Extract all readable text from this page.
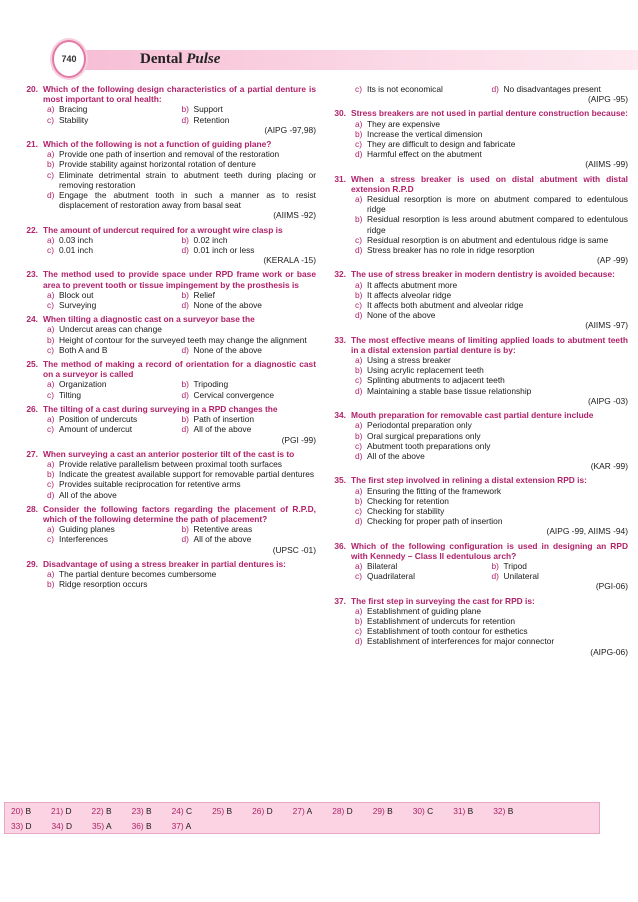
740	Dental Pulse
20. Which of the following design characteristics of a partial denture is most important to oral health:
a) Bracing	b) Support
c) Stability	d) Retention
(AIPG -97,98)
21. Which of the following is not a function of guiding plane?
a) Provide one path of insertion and removal of the restoration
b) Provide stability against horizontal rotation of denture
c) Eliminate detrimental strain to abutment teeth during placing or removing restoration
d) Engage the abutment tooth in such a manner as to resist displacement of restoration away from basal seat
(AIIMS -92)
22. The amount of undercut required for a wrought wire clasp is
a) 0.03 inch	b) 0.02 inch
c) 0.01 inch	d) 0.01 inch or less
(KERALA -15)
23. The method used to provide space under RPD frame work or base area to prevent tooth or tissue impingement by the prosthesis is
a) Block out	b) Relief
c) Surveying	d) None of the above
24. When tilting a diagnostic cast on a surveyor base the
a) Undercut areas can change
b) Height of contour for the surveyed teeth may change the alignment
c) Both A and B	d) None of the above
25. The method of making a record of orientation for a diagnostic cast on a surveyor is called
a) Organization	b) Tripoding
c) Tilting	d) Cervical convergence
26. The tilting of a cast during surveying in a RPD changes the
a) Position of undercuts	b) Path of insertion
c) Amount of undercut	d) All of the above
(PGI -99)
27. When surveying a cast an anterior posterior tilt of the cast is to
a) Provide relative parallelism between proximal tooth surfaces
b) Indicate the greatest available support for removable partial dentures
c) Provides suitable reciprocation for retentive arms
d) All of the above
28. Consider the following factors regarding the placement of R.P.D, which of the following determine the path of placement?
a) Guiding planes	b) Retentive areas
c) Interferences	d) All of the above
(UPSC -01)
29. Disadvantage of using a stress breaker in partial dentures is:
a) The partial denture becomes cumbersome
b) Ridge resorption occurs
c) Its is not economical	d) No disadvantages present
(AIPG -95)
30. Stress breakers are not used in partial denture construction because:
a) They are expensive
b) Increase the vertical dimension
c) They are difficult to design and fabricate
d) Harmful effect on the abutment
(AIIMS -99)
31. When a stress breaker is used on distal abutment with distal extension R.P.D
a) Residual resorption is more on abutment compared to edentulous ridge
b) Residual resorption is less around abutment compared to edentulous ridge
c) Residual resorption is on abutment and edentulous ridge is same
d) Stress breaker has no role in ridge resorption
(AP -99)
32. The use of stress breaker in modern dentistry is avoided because:
a) It affects abutment more
b) It affects alveolar ridge
c) It affects both abutment and alveolar ridge
d) None of the above
(AIIMS -97)
33. The most effective means of limiting applied loads to abutment teeth in a distal extension partial denture is by:
a) Using a stress breaker
b) Using acrylic replacement teeth
c) Splinting abutments to adjacent teeth
d) Maintaining a stable base tissue relationship
(AIPG -03)
34. Mouth preparation for removable cast partial denture include
a) Periodontal preparation only
b) Oral surgical preparations only
c) Abutment tooth preparations only
d) All of the above
(KAR -99)
35. The first step involved in relining a distal extension RPD is:
a) Ensuring the fitting of the framework
b) Checking for retention
c) Checking for stability
d) Checking for proper path of insertion
(AIPG -99, AIIMS -94)
36. Which of the following configuration is used in designing an RPD with Kennedy – Class II edentulous arch?
a) Bilateral	b) Tripod
c) Quadrilateral	d) Unilateral
(PGI-06)
37. The first step in surveying the cast for RPD is:
a) Establishment of guiding plane
b) Establishment of undercuts for retention
c) Establishment of tooth contour for esthetics
d) Establishment of interferences for major connector
(AIPG-06)
20) B	21) D	22) B	23) B	24) C	25) B	26) D	27) A	28) D	29) B	30) C	31) B	32) B
33) D	34) D	35) A	36) B	37) A
